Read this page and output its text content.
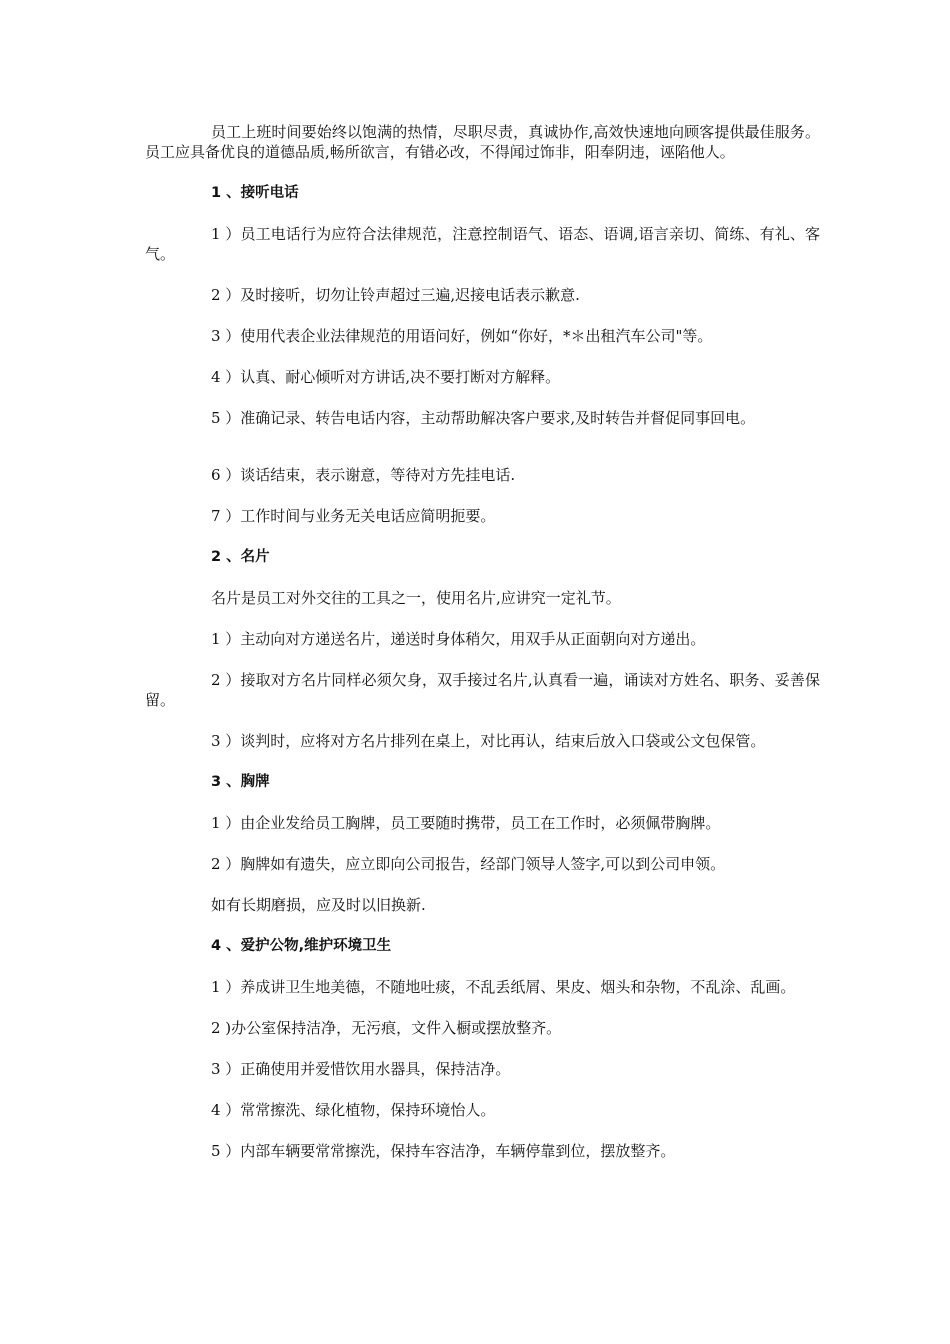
员工上班时间要始终以饱满的热情，尽职尽责，真诚协作,高效快速地向顾客提供最佳服务。员工应具备优良的道德品质,畅所欲言，有错必改，不得闻过饰非，阳奉阴违，诬陷他人。

1 、接听电话

1 ）员工电话行为应符合法律规范，注意控制语气、语态、语调,语言亲切、简练、有礼、客气。

2 ）及时接听，切勿让铃声超过三遍,迟接电话表示歉意.

3 ）使用代表企业法律规范的用语问好，例如“你好，*＊出租汽车公司"等。

4 ）认真、耐心倾听对方讲话,决不要打断对方解释。

5 ）准确记录、转告电话内容，主动帮助解决客户要求,及时转告并督促同事回电。

6 ）谈话结束，表示谢意，等待对方先挂电话.

7 ）工作时间与业务无关电话应简明扼要。

2 、名片

名片是员工对外交往的工具之一，使用名片,应讲究一定礼节。

1 ）主动向对方递送名片，递送时身体稍欠，用双手从正面朝向对方递出。

2 ）接取对方名片同样必须欠身，双手接过名片,认真看一遍，诵读对方姓名、职务、妥善保留。

3 ）谈判时，应将对方名片排列在桌上，对比再认，结束后放入口袋或公文包保管。

3 、胸牌

1 ）由企业发给员工胸牌，员工要随时携带，员工在工作时，必须佩带胸牌。

2 ）胸牌如有遗失，应立即向公司报告，经部门领导人签字,可以到公司申领。

如有长期磨损，应及时以旧换新.

4 、爱护公物,维护环境卫生

1 ）养成讲卫生地美德，不随地吐痰，不乱丢纸屑、果皮、烟头和杂物，不乱涂、乱画。

2 )办公室保持洁净，无污痕，文件入橱或摆放整齐。

3 ）正确使用并爱惜饮用水器具，保持洁净。

4 ）常常擦洗、绿化植物，保持环境怡人。

5 ）内部车辆要常常擦洗，保持车容洁净，车辆停靠到位，摆放整齐。
